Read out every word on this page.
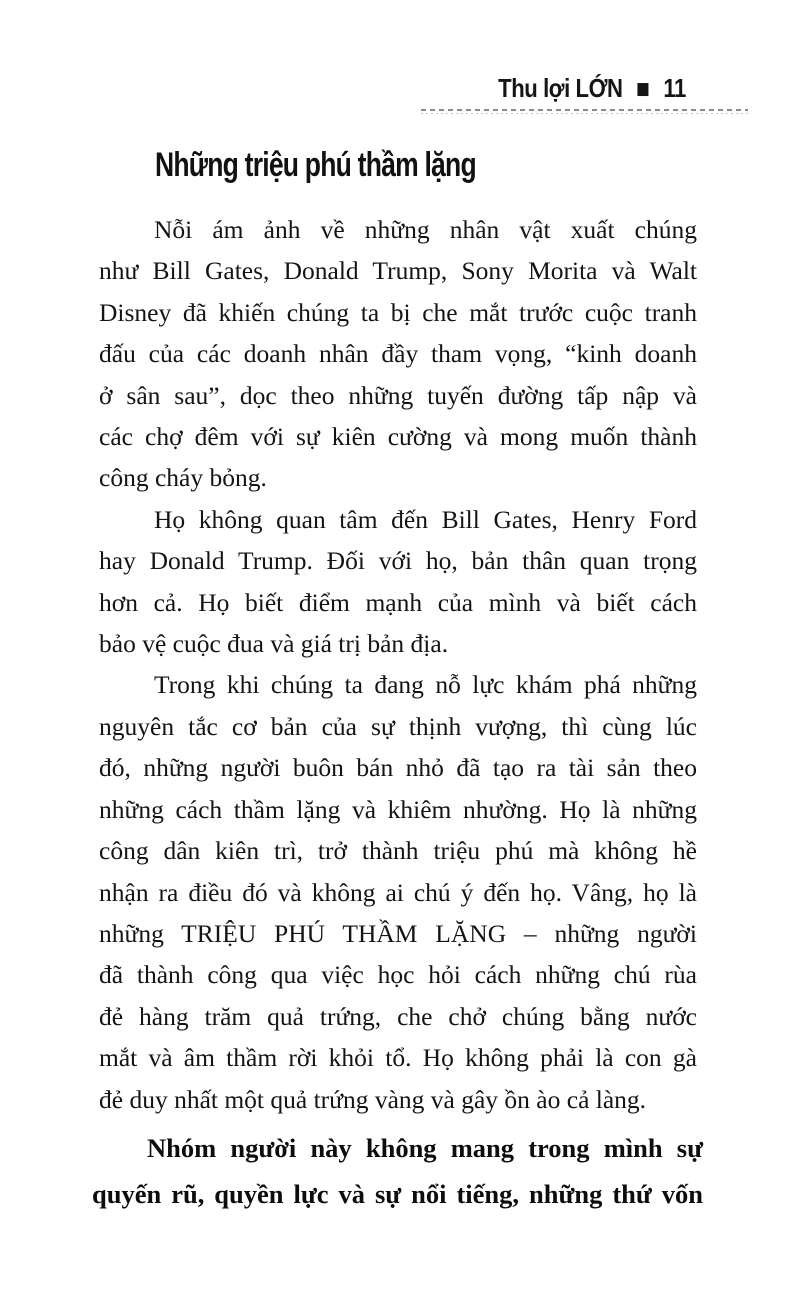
Thu lợi LỚN ■ 11
Những triệu phú thầm lặng
Nỗi ám ảnh về những nhân vật xuất chúng
như Bill Gates, Donald Trump, Sony Morita và Walt
Disney đã khiến chúng ta bị che mắt trước cuộc tranh
đấu của các doanh nhân đầy tham vọng, “kinh doanh
ở sân sau”, dọc theo những tuyến đường tấp nập và
các chợ đêm với sự kiên cường và mong muốn thành
công cháy bỏng.
Họ không quan tâm đến Bill Gates, Henry Ford
hay Donald Trump. Đối với họ, bản thân quan trọng
hơn cả. Họ biết điểm mạnh của mình và biết cách
bảo vệ cuộc đua và giá trị bản địa.
Trong khi chúng ta đang nỗ lực khám phá những
nguyên tắc cơ bản của sự thịnh vượng, thì cùng lúc
đó, những người buôn bán nhỏ đã tạo ra tài sản theo
những cách thầm lặng và khiêm nhường. Họ là những
công dân kiên trì, trở thành triệu phú mà không hề
nhận ra điều đó và không ai chú ý đến họ. Vâng, họ là
những TRIỆU PHÚ THẦM LẶNG – những người
đã thành công qua việc học hỏi cách những chú rùa
đẻ hàng trăm quả trứng, che chở chúng bằng nước
mắt và âm thầm rời khỏi tổ. Họ không phải là con gà
đẻ duy nhất một quả trứng vàng và gây ồn ào cả làng.
Nhóm người này không mang trong mình sự
quyến rũ, quyền lực và sự nổi tiếng, những thứ vốn
